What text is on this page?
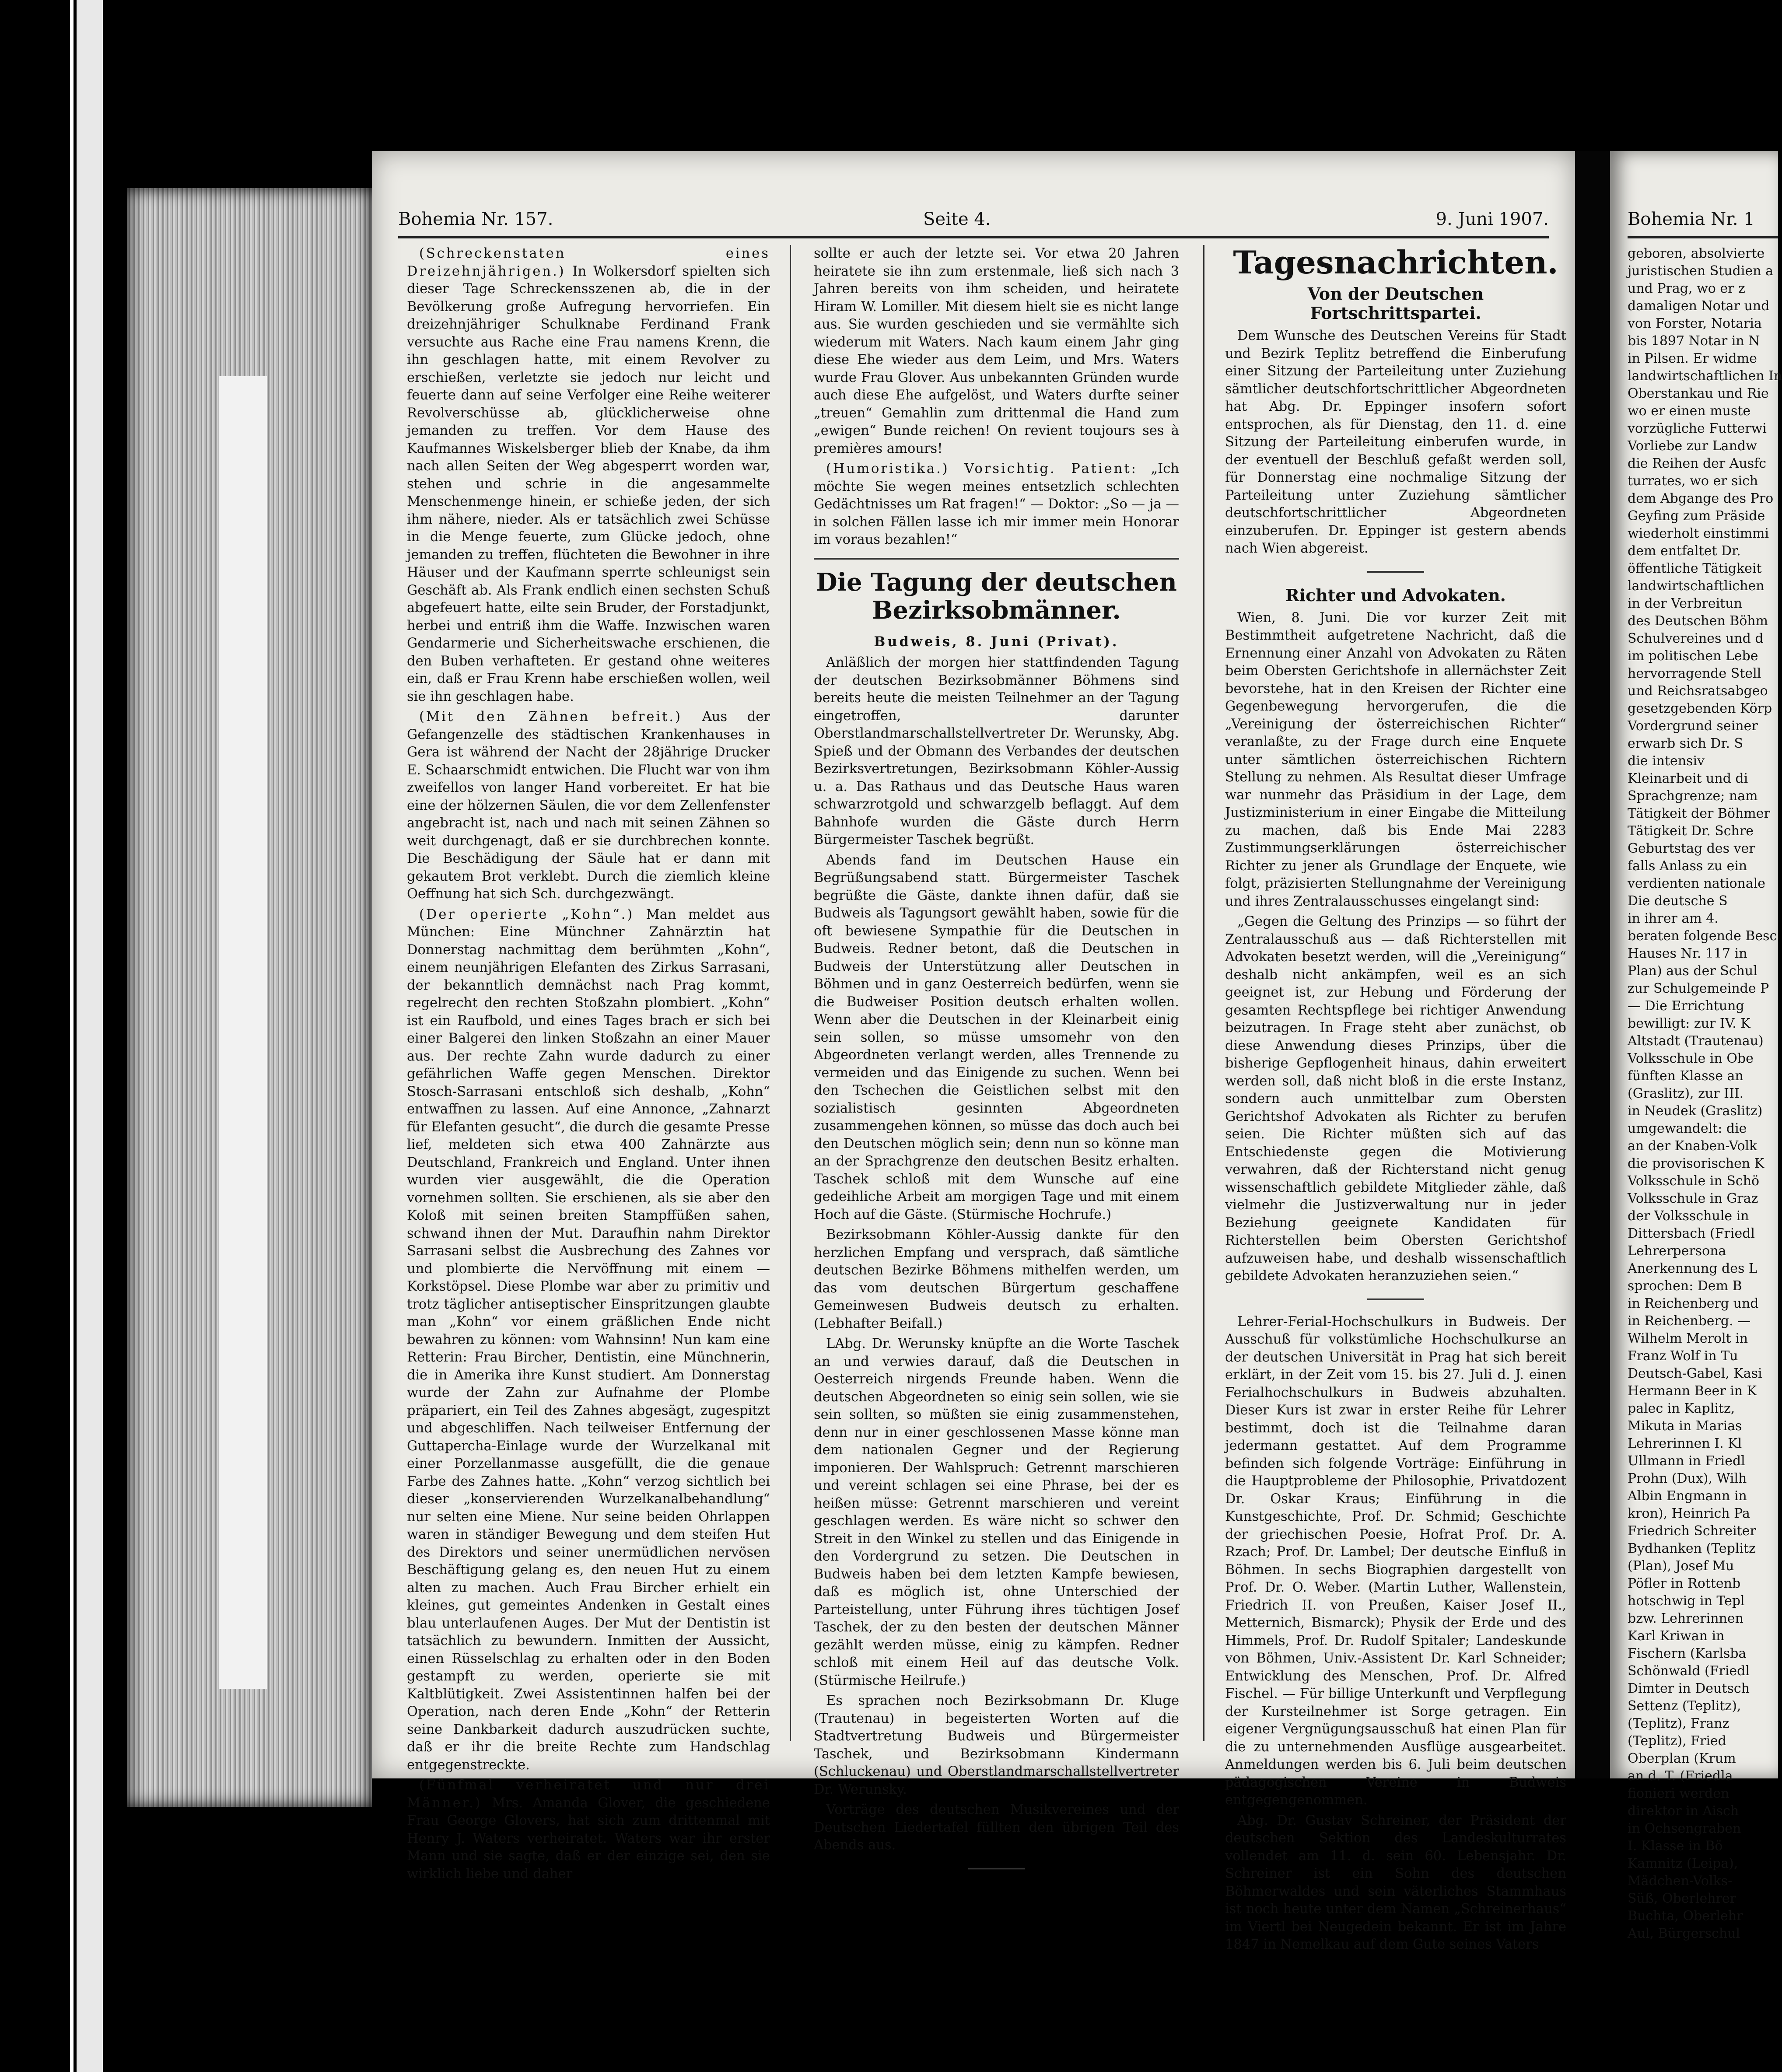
Bohemia Nr. 157.	Seite 4.	9. Juni 1907.

(Schreckenstaten eines Dreizehnjährigen.) In Wolkersdorf spielten sich dieser Tage Schreckensszenen ab, die in der Bevölkerung große Aufregung hervorriefen. Ein dreizehnjähriger Schulknabe Ferdinand Frank versuchte aus Rache eine Frau namens Krenn, die ihn geschlagen hatte, mit einem Revolver zu erschießen, verletzte sie jedoch nur leicht und feuerte dann auf seine Verfolger eine Reihe weiterer Revolverschüsse ab, glücklicherweise ohne jemanden zu treffen. Vor dem Hause des Kaufmannes Wiskelsberger blieb der Knabe, da ihm nach allen Seiten der Weg abgesperrt worden war, stehen und schrie in die angesammelte Menschenmenge hinein, er schieße jeden, der sich ihm nähere, nieder. Als er tatsächlich zwei Schüsse in die Menge feuerte, zum Glücke jedoch, ohne jemanden zu treffen, flüchteten die Bewohner in ihre Häuser und der Kaufmann sperrte schleunigst sein Geschäft ab. Als Frank endlich einen sechsten Schuß abgefeuert hatte, eilte sein Bruder, der Forstadjunkt, herbei und entriß ihm die Waffe. Inzwischen waren Gendarmerie und Sicherheitswache erschienen, die den Buben verhafteten. Er gestand ohne weiteres ein, daß er Frau Krenn habe erschießen wollen, weil sie ihn geschlagen habe.

(Mit den Zähnen befreit.) Aus der Gefangenzelle des städtischen Krankenhauses in Gera ist während der Nacht der 28jährige Drucker E. Schaarschmidt entwichen. Die Flucht war von ihm zweifellos von langer Hand vorbereitet. Er hat bie eine der hölzernen Säulen, die vor dem Zellenfenster angebracht ist, nach und nach mit seinen Zähnen so weit durchgenagt, daß er sie durchbrechen konnte. Die Beschädigung der Säule hat er dann mit gekautem Brot verklebt. Durch die ziemlich kleine Oeffnung hat sich Sch. durchgezwängt.

(Der operierte „Kohn“.) Man meldet aus München: Eine Münchner Zahnärztin hat Donnerstag nachmittag dem berühmten „Kohn“, einem neunjährigen Elefanten des Zirkus Sarrasani, der bekanntlich demnächst nach Prag kommt, regelrecht den rechten Stoßzahn plombiert. „Kohn“ ist ein Raufbold, und eines Tages brach er sich bei einer Balgerei den linken Stoßzahn an einer Mauer aus. Der rechte Zahn wurde dadurch zu einer gefährlichen Waffe gegen Menschen. Direktor Stosch-Sarrasani entschloß sich deshalb, „Kohn“ entwaffnen zu lassen. Auf eine Annonce, „Zahnarzt für Elefanten gesucht“, die durch die gesamte Presse lief, meldeten sich etwa 400 Zahnärzte aus Deutschland, Frankreich und England. Unter ihnen wurden vier ausgewählt, die die Operation vornehmen sollten. Sie erschienen, als sie aber den Koloß mit seinen breiten Stampffüßen sahen, schwand ihnen der Mut. Daraufhin nahm Direktor Sarrasani selbst die Ausbrechung des Zahnes vor und plombierte die Nervöffnung mit einem — Korkstöpsel. Diese Plombe war aber zu primitiv und trotz täglicher antiseptischer Einspritzungen glaubte man „Kohn“ vor einem gräßlichen Ende nicht bewahren zu können: vom Wahnsinn! Nun kam eine Retterin: Frau Bircher, Dentistin, eine Münchnerin, die in Amerika ihre Kunst studiert. Am Donnerstag wurde der Zahn zur Aufnahme der Plombe präpariert, ein Teil des Zahnes abgesägt, zugespitzt und abgeschliffen. Nach teilweiser Entfernung der Guttapercha-Einlage wurde der Wurzelkanal mit einer Porzellanmasse ausgefüllt, die die genaue Farbe des Zahnes hatte. „Kohn“ verzog sichtlich bei dieser „konservierenden Wurzelkanalbehandlung“ nur selten eine Miene. Nur seine beiden Ohrlappen waren in ständiger Bewegung und dem steifen Hut des Direktors und seiner unermüdlichen nervösen Beschäftigung gelang es, den neuen Hut zu einem alten zu machen. Auch Frau Bircher erhielt ein kleines, gut gemeintes Andenken in Gestalt eines blau unterlaufenen Auges. Der Mut der Dentistin ist tatsächlich zu bewundern. Inmitten der Aussicht, einen Rüsselschlag zu erhalten oder in den Boden gestampft zu werden, operierte sie mit Kaltblütigkeit. Zwei Assistentinnen halfen bei der Operation, nach deren Ende „Kohn“ der Retterin seine Dankbarkeit dadurch auszudrücken suchte, daß er ihr die breite Rechte zum Handschlag entgegenstreckte.

(Fünfmal verheiratet und nur drei Männer.) Mrs. Amanda Glover, die geschiedene Frau George Glovers, hat sich zum drittenmal mit Henry J. Waters verheiratet. Waters war ihr erster Mann und sie sagte, daß er der einzige sei, den sie wirklich liebe und daher

sollte er auch der letzte sei. Vor etwa 20 Jahren heiratete sie ihn zum erstenmale, ließ sich nach 3 Jahren bereits von ihm scheiden, und heiratete Hiram W. Lomiller. Mit diesem hielt sie es nicht lange aus. Sie wurden geschieden und sie vermählte sich wiederum mit Waters. Nach kaum einem Jahr ging diese Ehe wieder aus dem Leim, und Mrs. Waters wurde Frau Glover. Aus unbekannten Gründen wurde auch diese Ehe aufgelöst, und Waters durfte seiner „treuen“ Gemahlin zum drittenmal die Hand zum „ewigen“ Bunde reichen! On revient toujours ses à premières amours!

(Humoristika.) Vorsichtig. Patient: „Ich möchte Sie wegen meines entsetzlich schlechten Gedächtnisses um Rat fragen!“ — Doktor: „So — ja — in solchen Fällen lasse ich mir immer mein Honorar im voraus bezahlen!“

Die Tagung der deutschen Bezirksobmänner.
Budweis, 8. Juni (Privat).

Anläßlich der morgen hier stattfindenden Tagung der deutschen Bezirksobmänner Böhmens sind bereits heute die meisten Teilnehmer an der Tagung eingetroffen, darunter Oberstlandmarschallstellvertreter Dr. Werunsky, Abg. Spieß und der Obmann des Verbandes der deutschen Bezirksvertretungen, Bezirksobmann Köhler-Aussig u. a. Das Rathaus und das Deutsche Haus waren schwarzrotgold und schwarzgelb beflaggt. Auf dem Bahnhofe wurden die Gäste durch Herrn Bürgermeister Taschek begrüßt.

Abends fand im Deutschen Hause ein Begrüßungsabend statt. Bürgermeister Taschek begrüßte die Gäste, dankte ihnen dafür, daß sie Budweis als Tagungsort gewählt haben, sowie für die oft bewiesene Sympathie für die Deutschen in Budweis. Redner betont, daß die Deutschen in Budweis der Unterstützung aller Deutschen in Böhmen und in ganz Oesterreich bedürfen, wenn sie die Budweiser Position deutsch erhalten wollen. Wenn aber die Deutschen in der Kleinarbeit einig sein sollen, so müsse umsomehr von den Abgeordneten verlangt werden, alles Trennende zu vermeiden und das Einigende zu suchen. Wenn bei den Tschechen die Geistlichen selbst mit den sozialistisch gesinnten Abgeordneten zusammengehen können, so müsse das doch auch bei den Deutschen möglich sein; denn nun so könne man an der Sprachgrenze den deutschen Besitz erhalten. Taschek schloß mit dem Wunsche auf eine gedeihliche Arbeit am morgigen Tage und mit einem Hoch auf die Gäste. (Stürmische Hochrufe.)

Bezirksobmann Köhler-Aussig dankte für den herzlichen Empfang und versprach, daß sämtliche deutschen Bezirke Böhmens mithelfen werden, um das vom deutschen Bürgertum geschaffene Gemeinwesen Budweis deutsch zu erhalten. (Lebhafter Beifall.)

LAbg. Dr. Werunsky knüpfte an die Worte Taschek an und verwies darauf, daß die Deutschen in Oesterreich nirgends Freunde haben. Wenn die deutschen Abgeordneten so einig sein sollen, wie sie sein sollten, so müßten sie einig zusammenstehen, denn nur in einer geschlossenen Masse könne man dem nationalen Gegner und der Regierung imponieren. Der Wahlspruch: Getrennt marschieren und vereint schlagen sei eine Phrase, bei der es heißen müsse: Getrennt marschieren und vereint geschlagen werden. Es wäre nicht so schwer den Streit in den Winkel zu stellen und das Einigende in den Vordergrund zu setzen. Die Deutschen in Budweis haben bei dem letzten Kampfe bewiesen, daß es möglich ist, ohne Unterschied der Parteistellung, unter Führung ihres tüchtigen Josef Taschek, der zu den besten der deutschen Männer gezählt werden müsse, einig zu kämpfen. Redner schloß mit einem Heil auf das deutsche Volk. (Stürmische Heilrufe.)

Es sprachen noch Bezirksobmann Dr. Kluge (Trautenau) in begeisterten Worten auf die Stadtvertretung Budweis und Bürgermeister Taschek, und Bezirksobmann Kindermann (Schluckenau) und Oberstlandmarschallstellvertreter Dr. Werunsky.

Vorträge des deutschen Musikvereines und der Deutschen Liedertafel füllten den übrigen Teil des Abends aus.

Tagesnachrichten.
Von der Deutschen Fortschrittspartei.

Dem Wunsche des Deutschen Vereins für Stadt und Bezirk Teplitz betreffend die Einberufung einer Sitzung der Parteileitung unter Zuziehung sämtlicher deutschfortschrittlicher Abgeordneten hat Abg. Dr. Eppinger insofern sofort entsprochen, als für Dienstag, den 11. d. eine Sitzung der Parteileitung einberufen wurde, in der eventuell der Beschluß gefaßt werden soll, für Donnerstag eine nochmalige Sitzung der Parteileitung unter Zuziehung sämtlicher deutschfortschrittlicher Abgeordneten einzuberufen. Dr. Eppinger ist gestern abends nach Wien abgereist.

Richter und Advokaten.

Wien, 8. Juni. Die vor kurzer Zeit mit Bestimmtheit aufgetretene Nachricht, daß die Ernennung einer Anzahl von Advokaten zu Räten beim Obersten Gerichtshofe in allernächster Zeit bevorstehe, hat in den Kreisen der Richter eine Gegenbewegung hervorgerufen, die die „Vereinigung der österreichischen Richter“ veranlaßte, zu der Frage durch eine Enquete unter sämtlichen österreichischen Richtern Stellung zu nehmen. Als Resultat dieser Umfrage war nunmehr das Präsidium in der Lage, dem Justizministerium in einer Eingabe die Mitteilung zu machen, daß bis Ende Mai 2283 Zustimmungserklärungen österreichischer Richter zu jener als Grundlage der Enquete, wie folgt, präzisierten Stellungnahme der Vereinigung und ihres Zentralausschusses eingelangt sind:

„Gegen die Geltung des Prinzips — so führt der Zentralausschuß aus — daß Richterstellen mit Advokaten besetzt werden, will die „Vereinigung“ deshalb nicht ankämpfen, weil es an sich geeignet ist, zur Hebung und Förderung der gesamten Rechtspflege bei richtiger Anwendung beizutragen. In Frage steht aber zunächst, ob diese Anwendung dieses Prinzips, über die bisherige Gepflogenheit hinaus, dahin erweitert werden soll, daß nicht bloß in die erste Instanz, sondern auch unmittelbar zum Obersten Gerichtshof Advokaten als Richter zu berufen seien. Die Richter müßten sich auf das Entschiedenste gegen die Motivierung verwahren, daß der Richterstand nicht genug wissenschaftlich gebildete Mitglieder zähle, daß vielmehr die Justizverwaltung nur in jeder Beziehung geeignete Kandidaten für Richterstellen beim Obersten Gerichtshof aufzuweisen habe, und deshalb wissenschaftlich gebildete Advokaten heranzuziehen seien.“

Lehrer-Ferial-Hochschulkurs in Budweis. Der Ausschuß für volkstümliche Hochschulkurse an der deutschen Universität in Prag hat sich bereit erklärt, in der Zeit vom 15. bis 27. Juli d. J. einen Ferialhochschulkurs in Budweis abzuhalten. Dieser Kurs ist zwar in erster Reihe für Lehrer bestimmt, doch ist die Teilnahme daran jedermann gestattet. Auf dem Programme befinden sich folgende Vorträge: Einführung in die Hauptprobleme der Philosophie, Privatdozent Dr. Oskar Kraus; Einführung in die Kunstgeschichte, Prof. Dr. Schmid; Geschichte der griechischen Poesie, Hofrat Prof. Dr. A. Rzach; Prof. Dr. Lambel; Der deutsche Einfluß in Böhmen. In sechs Biographien dargestellt von Prof. Dr. O. Weber. (Martin Luther, Wallenstein, Friedrich II. von Preußen, Kaiser Josef II., Metternich, Bismarck); Physik der Erde und des Himmels, Prof. Dr. Rudolf Spitaler; Landeskunde von Böhmen, Univ.-Assistent Dr. Karl Schneider; Entwicklung des Menschen, Prof. Dr. Alfred Fischel. — Für billige Unterkunft und Verpflegung der Kursteilnehmer ist Sorge getragen. Ein eigener Vergnügungsausschuß hat einen Plan für die zu unternehmenden Ausflüge ausgearbeitet. Anmeldungen werden bis 6. Juli beim deutschen pädagogischen Vereine in Budweis entgegengenommen.

Abg. Dr. Gustav Schreiner, der Präsident der deutschen Sektion des Landeskulturrates vollendet am 11. d. sein 60. Lebensjahr. Dr. Schreiner ist ein Sohn des deutschen Böhmerwaldes und sein väterliches Stammhaus ist noch heute unter dem Namen „Schreinerhaus“ im Viertl bei Neugedein bekannt. Er ist im Jahre 1847 in Nemelkau auf dem Gute seines Vaters

Bohemia Nr. 1
geboren, absolvierte
juristischen Studien a
und Prag, wo er z
damaligen Notar und
von Forster, Notaria
bis 1897 Notar in N
in Pilsen. Er widme
landwirtschaftlichen In
Oberstankau und Rie
wo er einen muste
vorzügliche Futterwi
Vorliebe zur Landw
die Reihen der Ausfc
turrates, wo er sich
dem Abgange des Pro
Geyfing zum Präside
wiederholt einstimmi
dem entfaltet Dr.
öffentliche Tätigkeit
landwirtschaftlichen
in der Verbreitun
des Deutschen Böhm
Schulvereines und d
im politischen Lebe
hervorragende Stell
und Reichsratsabgeo
gesetzgebenden Körp
Vordergrund seiner
erwarb sich Dr. S
die intensiv
Kleinarbeit und di
Sprachgrenze; nam
Tätigkeit der Böhmer
Tätigkeit Dr. Schre
Geburtstag des ver
falls Anlass zu ein
verdienten nationale
Die deutsche S
in ihrer am 4.
beraten folgende Besc
Hauses Nr. 117 in
Plan) aus der Schul
zur Schulgemeinde P
— Die Errichtung
bewilligt: zur IV. K
Altstadt (Trautenau)
Volksschule in Obe
fünften Klasse an
(Graslitz), zur III.
in Neudek (Graslitz)
umgewandelt: die
an der Knaben-Volk
die provisorischen K
Volksschule in Schö
Volksschule in Graz
der Volksschule in
Dittersbach (Friedl
Lehrerpersona
Anerkennung des L
sprochen: Dem B
in Reichenberg und
in Reichenberg. —
Wilhelm Merolt in
Franz Wolf in Tu
Deutsch-Gabel, Kasi
Hermann Beer in K
palec in Kaplitz,
Mikuta in Marias
Lehrerinnen I. Kl
Ullmann in Friedl
Prohn (Dux), Wilh
Albin Engmann in
kron), Heinrich Pa
Friedrich Schreiter
Bydhanken (Teplitz
(Plan), Josef Mu
Pöfler in Rottenb
hotschwig in Tepl
bzw. Lehrerinnen
Karl Kriwan in
Fischern (Karlsba
Schönwald (Friedl
Dimter in Deutsch
Settenz (Teplitz),
(Teplitz), Franz
(Teplitz), Fried
Oberplan (Krum
an d. T. (Friedla
fionieri werden
direktor in Aisch
in Ochsengraben
I. Klasse in Bö
Kamnitz (Leipa),
Mädchen-Volks-
Süß, Oberlehrer
Buchta, Oberlehr
Aul, Bürgerschul
